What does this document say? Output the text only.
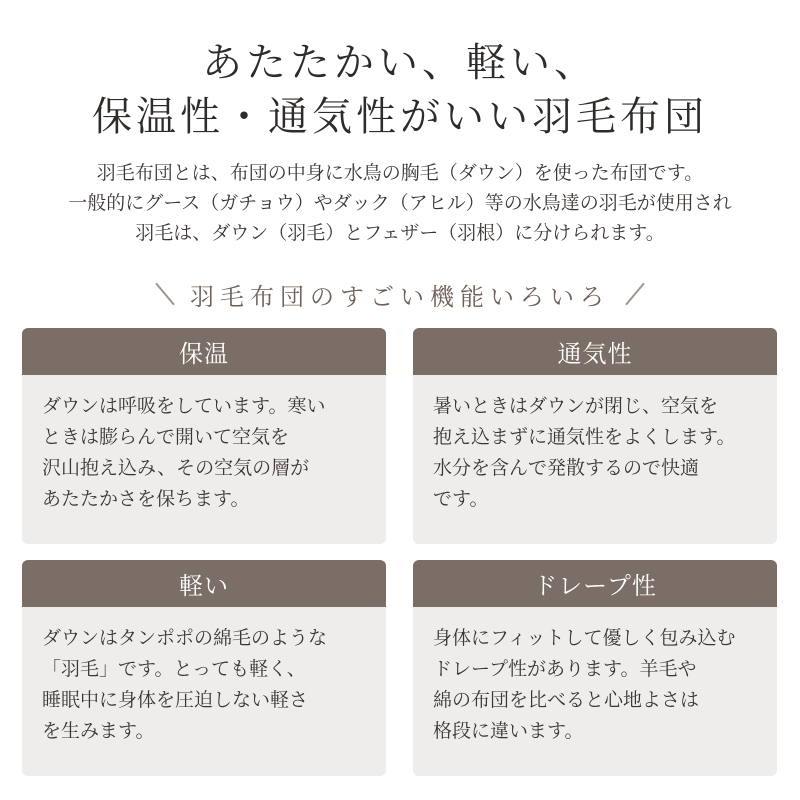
あたたかい、軽い、
保温性・通気性がいい羽毛布団
羽毛布団とは、布団の中身に水鳥の胸毛（ダウン）を使った布団です。
一般的にグース（ガチョウ）やダック（アヒル）等の水鳥達の羽毛が使用され
羽毛は、ダウン（羽毛）とフェザー（羽根）に分けられます。
羽毛布団のすごい機能いろいろ
保温
ダウンは呼吸をしています。寒い
ときは膨らんで開いて空気を
沢山抱え込み、その空気の層が
あたたかさを保ちます。
通気性
暑いときはダウンが閉じ、空気を
抱え込まずに通気性をよくします。
水分を含んで発散するので快適
です。
軽い
ダウンはタンポポの綿毛のような
「羽毛」です。とっても軽く、
睡眠中に身体を圧迫しない軽さ
を生みます。
ドレープ性
身体にフィットして優しく包み込む
ドレープ性があります。羊毛や
綿の布団を比べると心地よさは
格段に違います。
